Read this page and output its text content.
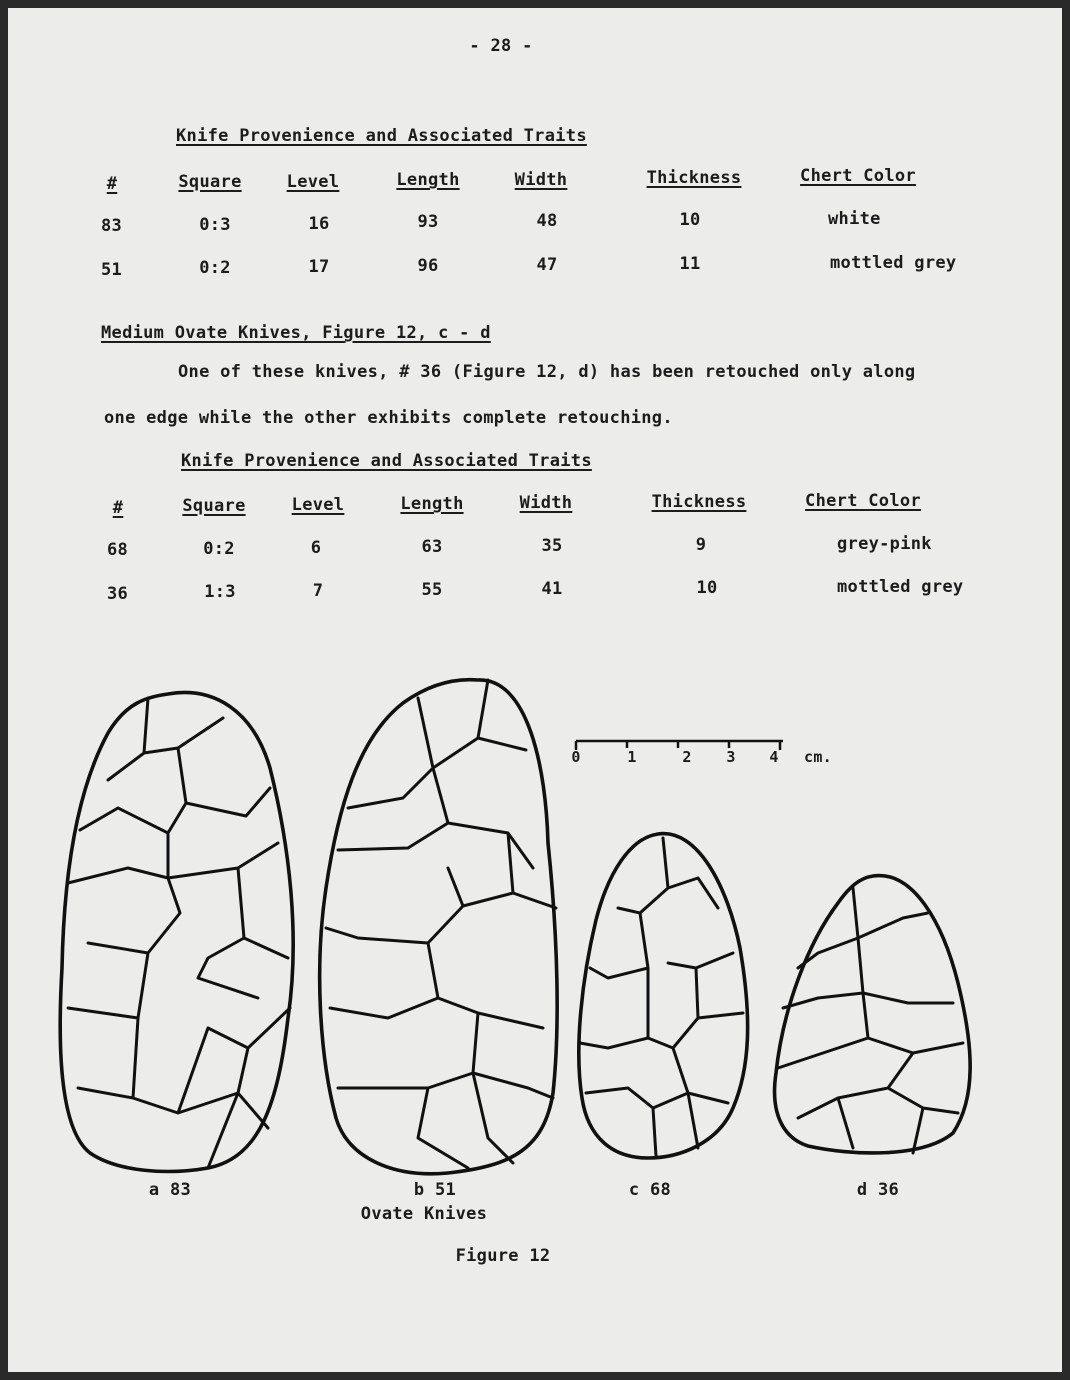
- 28 -
Knife Provenience and Associated Traits
#	Square	Level	Length	Width	Thickness	Chert Color
83	0:3	16	93	48	10	white
51	0:2	17	96	47	11	mottled grey
Medium Ovate Knives, Figure 12, c - d
One of these knives, # 36 (Figure 12, d) has been retouched only along
one edge while the other exhibits complete retouching.
Knife Provenience and Associated Traits
#	Square	Level	Length	Width	Thickness	Chert Color
68	0:2	6	63	35	9	grey-pink
36	1:3	7	55	41	10	mottled grey
0	1	2 3 4 cm.
a 83	b 51	c 68	d 36
Ovate Knives
Figure 12
